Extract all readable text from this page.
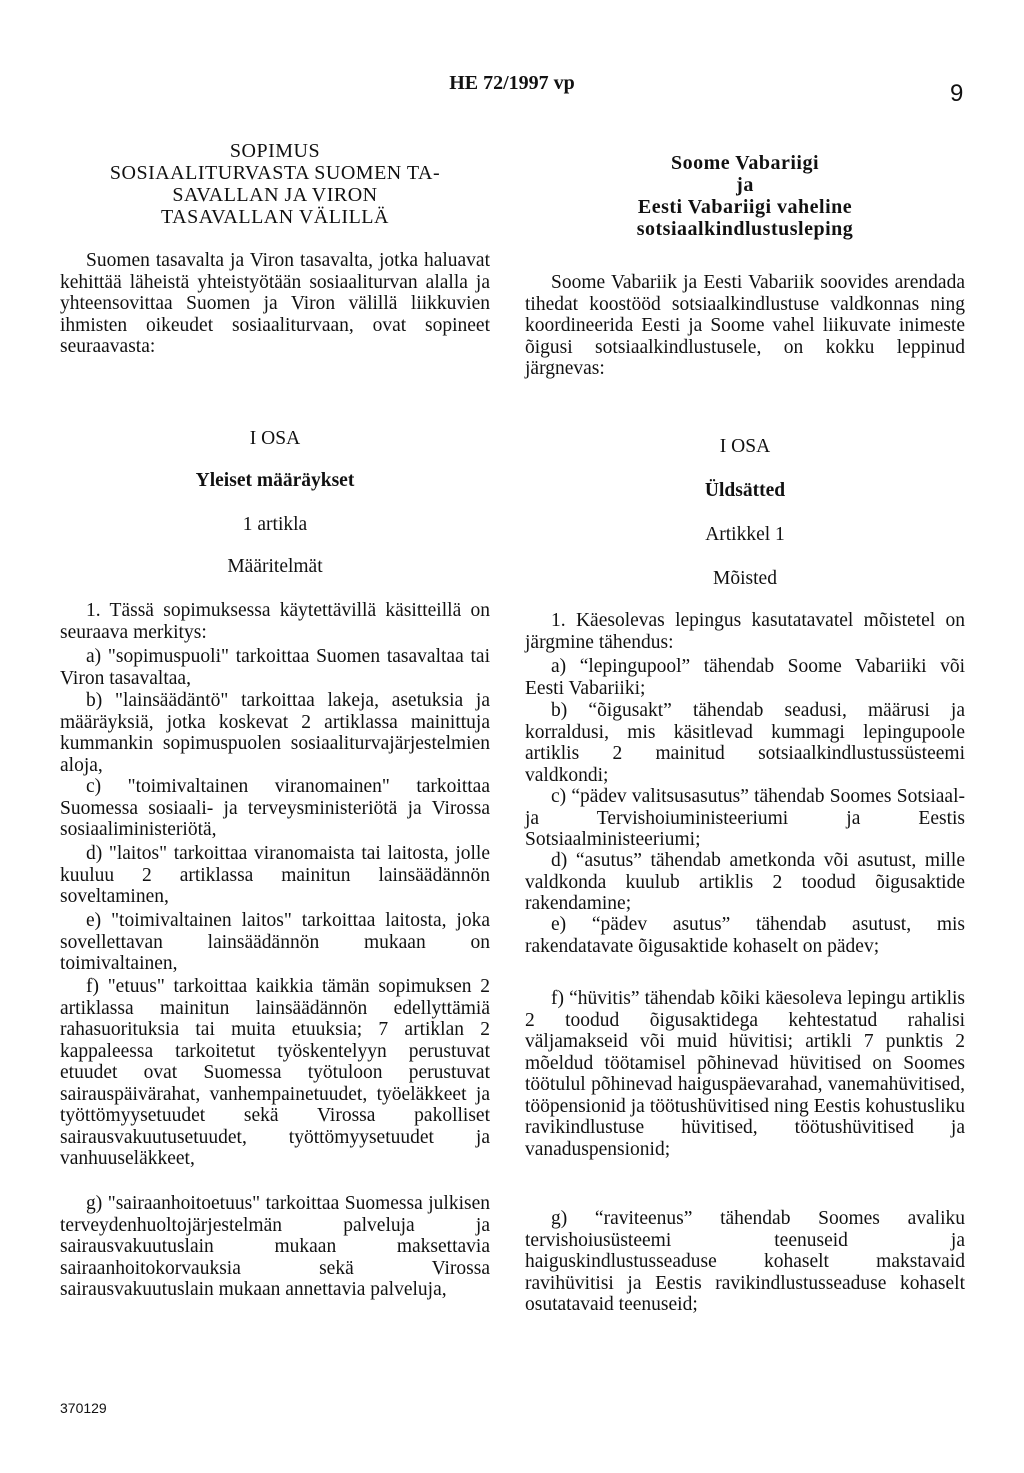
HE 72/1997 vp	9
SOPIMUS
SOSIAALITURVASTA SUOMEN TA-
SAVALLAN JA VIRON
TASAVALLAN VÄLILLÄ
Suomen tasavalta ja Viron tasavalta, jotka haluavat kehittää läheistä yhteistyötään sosiaaliturvan alalla ja yhteensovittaa Suomen ja Viron välillä liikkuvien ihmisten oikeudet sosiaaliturvaan, ovat sopineet seuraavasta:
I OSA
Yleiset määräykset
1 artikla
Määritelmät
1. Tässä sopimuksessa käytettävillä käsitteillä on seuraava merkitys:
a) "sopimuspuoli" tarkoittaa Suomen tasavaltaa tai Viron tasavaltaa,
b) "lainsäädäntö" tarkoittaa lakeja, asetuksia ja määräyksiä, jotka koskevat 2 artiklassa mainittuja kummankin sopimuspuolen sosiaaliturvajärjestelmien aloja,
c) "toimivaltainen viranomainen" tarkoittaa Suomessa sosiaali- ja terveysministeriötä ja Virossa sosiaaliministeriötä,
d) "laitos" tarkoittaa viranomaista tai laitosta, jolle kuuluu 2 artiklassa mainitun lainsäädännön soveltaminen,
e) "toimivaltainen laitos" tarkoittaa laitosta, joka sovellettavan lainsäädännön mukaan on toimivaltainen,
f) "etuus" tarkoittaa kaikkia tämän sopimuksen 2 artiklassa mainitun lainsäädännön edellyttämiä rahasuorituksia tai muita etuuksia; 7 artiklan 2 kappaleessa tarkoitetut työskentelyyn perustuvat etuudet ovat Suomessa työtuloon perustuvat sairauspäivärahat, vanhempainetuudet, työeläkkeet ja työttömyysetuudet sekä Virossa pakolliset sairausvakuutusetuudet, työttömyysetuudet ja vanhuuseläkkeet,
g) "sairaanhoitoetuus" tarkoittaa Suomessa julkisen terveydenhuoltojärjestelmän palveluja ja sairausvakuutuslain mukaan maksettavia sairaanhoitokorvauksia sekä Virossa sairausvakuutuslain mukaan annettavia palveluja,
Soome Vabariigi
ja
Eesti Vabariigi vaheline
sotsiaalkindlustusleping
Soome Vabariik ja Eesti Vabariik soovides arendada tihedat koostööd sotsiaalkindlustuse valdkonnas ning koordineerida Eesti ja Soome vahel liikuvate inimeste õigusi sotsiaalkindlustusele, on kokku leppinud järgnevas:
I OSA
Üldsätted
Artikkel 1
Mõisted
1. Käesolevas lepingus kasutatavatel mõistetel on järgmine tähendus:
a) “lepingupool” tähendab Soome Vabariiki või Eesti Vabariiki;
b) “õigusakt” tähendab seadusi, määrusi ja korraldusi, mis käsitlevad kummagi lepingupoole artiklis 2 mainitud sotsiaalkindlustussüsteemi valdkondi;
c) “pädev valitsusasutus” tähendab Soomes Sotsiaal- ja Tervishoiuministeeriumi ja Eestis Sotsiaalministeeriumi;
d) “asutus” tähendab ametkonda või asutust, mille valdkonda kuulub artiklis 2 toodud õigusaktide rakendamine;
e) “pädev asutus” tähendab asutust, mis rakendatavate õigusaktide kohaselt on pädev;
f) “hüvitis” tähendab kõiki käesoleva lepingu artiklis 2 toodud õigusaktidega kehtestatud rahalisi väljamakseid või muid hüvitisi; artikli 7 punktis 2 mõeldud töötamisel põhinevad hüvitised on Soomes töötulul põhinevad haiguspäevarahad, vanemahüvitised, tööpensionid ja töötushüvitised ning Eestis kohustusliku ravikindlustuse hüvitised, töötushüvitised ja vanaduspensionid;
g) “raviteenus” tähendab Soomes avaliku tervishoiusüsteemi teenuseid ja haiguskindlustusseaduse kohaselt makstavaid ravihüvitisi ja Eestis ravikindlustusseaduse kohaselt osutatavaid teenuseid;
370129
